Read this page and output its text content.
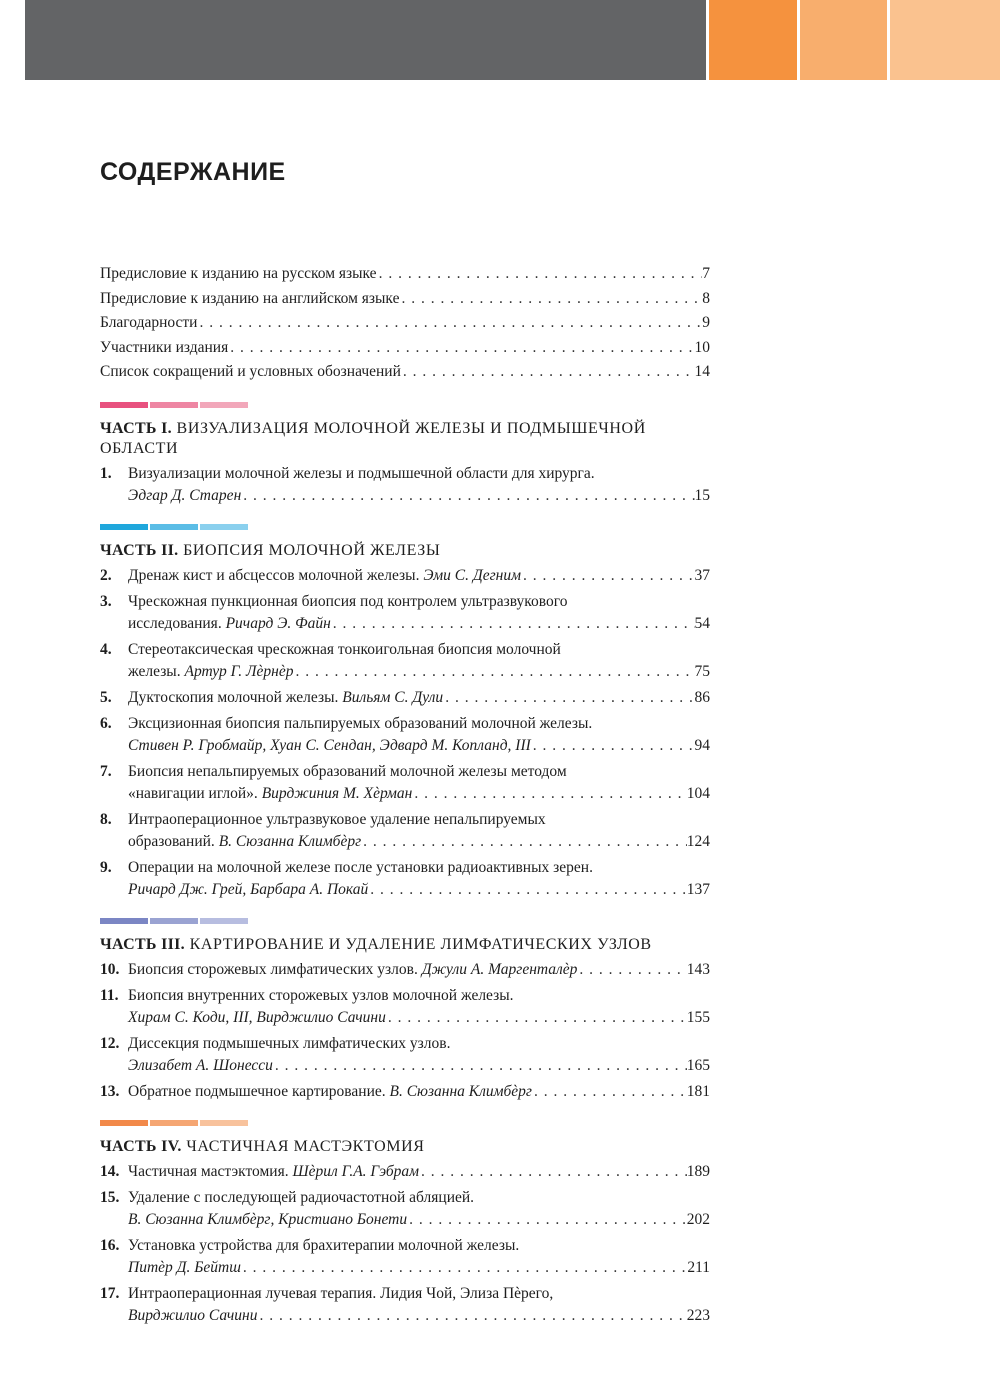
СОДЕРЖАНИЕ
Предисловие к изданию на русском языке . . .	7
Предисловие к изданию на английском языке . . .	8
Благодарности . . .	9
Участники издания . . .	10
Список сокращений и условных обозначений . . .	14
ЧАСТЬ I. ВИЗУАЛИЗАЦИЯ МОЛОЧНОЙ ЖЕЛЕЗЫ И ПОДМЫШЕЧНОЙ ОБЛАСТИ
1.	Визуализации молочной железы и подмышечной области для хирурга.
Эдгар Д. Старен . . .	15
ЧАСТЬ II. БИОПСИЯ МОЛОЧНОЙ ЖЕЛЕЗЫ
2.	Дренаж кист и абсцессов молочной железы. Эми С. Дегним . . .	37
3.	Чрескожная пункционная биопсия под контролем ультразвукового
исследования. Ричард Э. Файн . . .	54
4.	Стереотаксическая чрескожная тонкоигольная биопсия молочной
железы. Артур Г. Лѐрнѐр . . .	75
5.	Дуктоскопия молочной железы. Вильям С. Дули . . .	86
6.	Эксцизионная биопсия пальпируемых образований молочной железы.
Стивен Р. Гробмайр, Хуан С. Сендан, Эдвард М. Копланд, III . . .	94
7.	Биопсия непальпируемых образований молочной железы методом
«навигации иглой». Вирджиния М. Хѐрман . . .	104
8.	Интраоперационное ультразвуковое удаление непальпируемых
образований. В. Сюзанна Климбѐрг . . .	124
9.	Операции на молочной железе после установки радиоактивных зерен.
Ричард Дж. Грей, Барбара А. Покай . . .	137
ЧАСТЬ III. КАРТИРОВАНИЕ И УДАЛЕНИЕ ЛИМФАТИЧЕСКИХ УЗЛОВ
10. Биопсия сторожевых лимфатических узлов. Джули А. Маргенталѐр . . .	143
11. Биопсия внутренних сторожевых узлов молочной железы.
Хирам С. Коди, III, Вирджилио Сачини . . .	155
12. Диссекция подмышечных лимфатических узлов.
Элизабет А. Шонесси . . .	165
13. Обратное подмышечное картирование. В. Сюзанна Климбѐрг . . .	181
ЧАСТЬ IV. ЧАСТИЧНАЯ МАСТЭКТОМИЯ
14. Частичная мастэктомия. Шѐрил Г.А. Гэбрам . . .	189
15. Удаление с последующей радиочастотной абляцией.
В. Сюзанна Климбѐрг, Кристиано Бонети . . .	202
16. Установка устройства для брахитерапии молочной железы.
Питѐр Д. Бейтш . . .	211
17. Интраоперационная лучевая терапия. Лидия Чой, Элиза Пѐрего,
Вирджилио Сачини . . .	223
